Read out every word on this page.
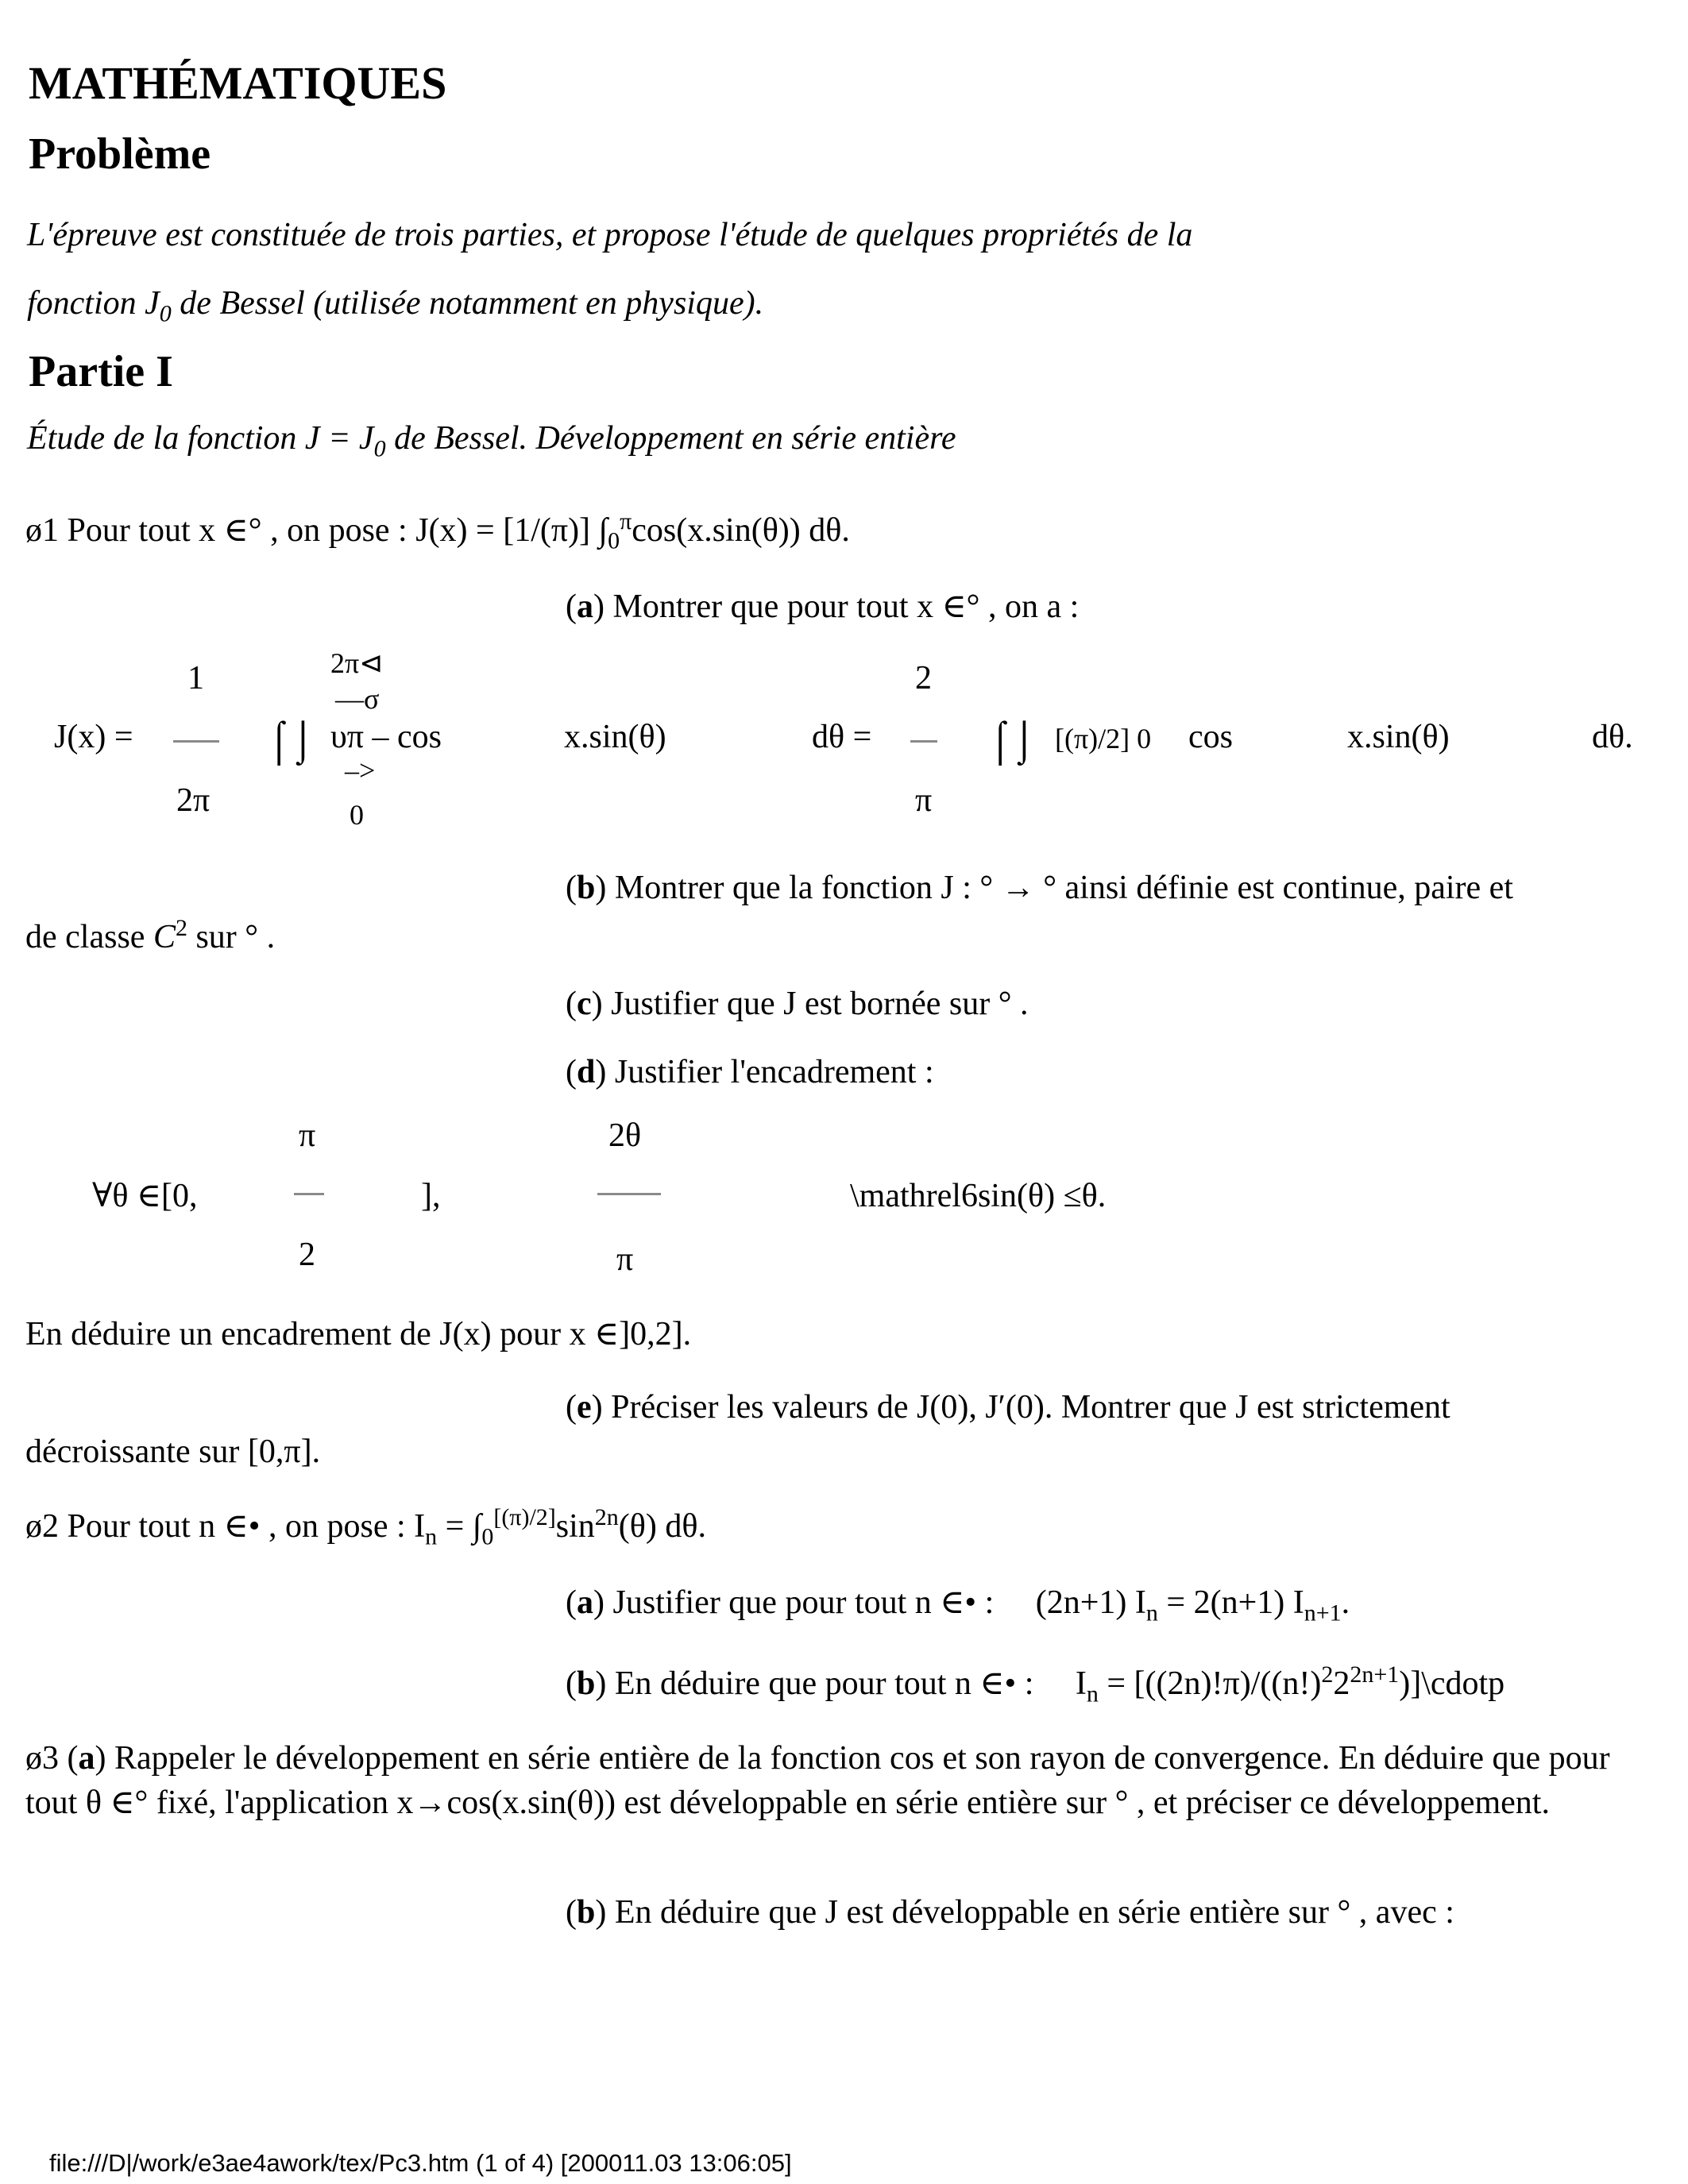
MATHÉMATIQUES
Problème
L'épreuve est constituée de trois parties, et propose l'étude de quelques propriétés de la
fonction $J_0$ de Bessel (utilisée notamment en physique).
Partie I
Étude de la fonction $J = J_0$ de Bessel. Développement en série entière
ø1 Pour tout x ∈° , on pose : J(x) = [1/(π)] $\int_0^\pi\cos(x.\sin(\theta))$ dθ.
(a) Montrer que pour tout x ∈° , on a :
J(x) =
1
2π
⌠⌡
2π⊲
—σ
υπ – cos
–>
0
x.sin(θ)	dθ =
2
π
⌠⌡ [(π)/2] 0 cos	x.sin(θ)	dθ.
(b) Montrer que la fonction J : ° → ° ainsi définie est continue, paire et
de classe $C^2$ sur ° .
(c) Justifier que J est bornée sur ° .
(d) Justifier l'encadrement :
∀θ ∈[0,
π
2
],
2θ
π
\mathrel6sin(θ) ≤θ.
En déduire un encadrement de J(x) pour x ∈]0,2].
(e) Préciser les valeurs de J(0), J′(0). Montrer que J est strictement
décroissante sur [0,π].
ø2 Pour tout n ∈• , on pose : $I_n = \int_0[(\pi)/2]\sin^{2n}(\theta)$ dθ.
(a) Justifier que pour tout n ∈• :     (2n+1) $I_n = 2(n+1)$ $I_{n+1}$.
(b) En déduire que pour tout n ∈• :     $I_n$ = $[((2n)!\pi)/((n!)^22^{2n+1})]\backslash cdotp$
ø3 (a) Rappeler le développement en série entière de la fonction cos et son rayon de convergence. En déduire que pour tout θ ∈° fixé, l'application x→cos(x.sin(θ)) est développable en série entière sur ° , et préciser ce développement.
(b) En déduire que J est développable en série entière sur ° , avec :
file:///D|/work/e3ae4awork/tex/Pc3.htm (1 of 4) [200011.03 13:06:05]
